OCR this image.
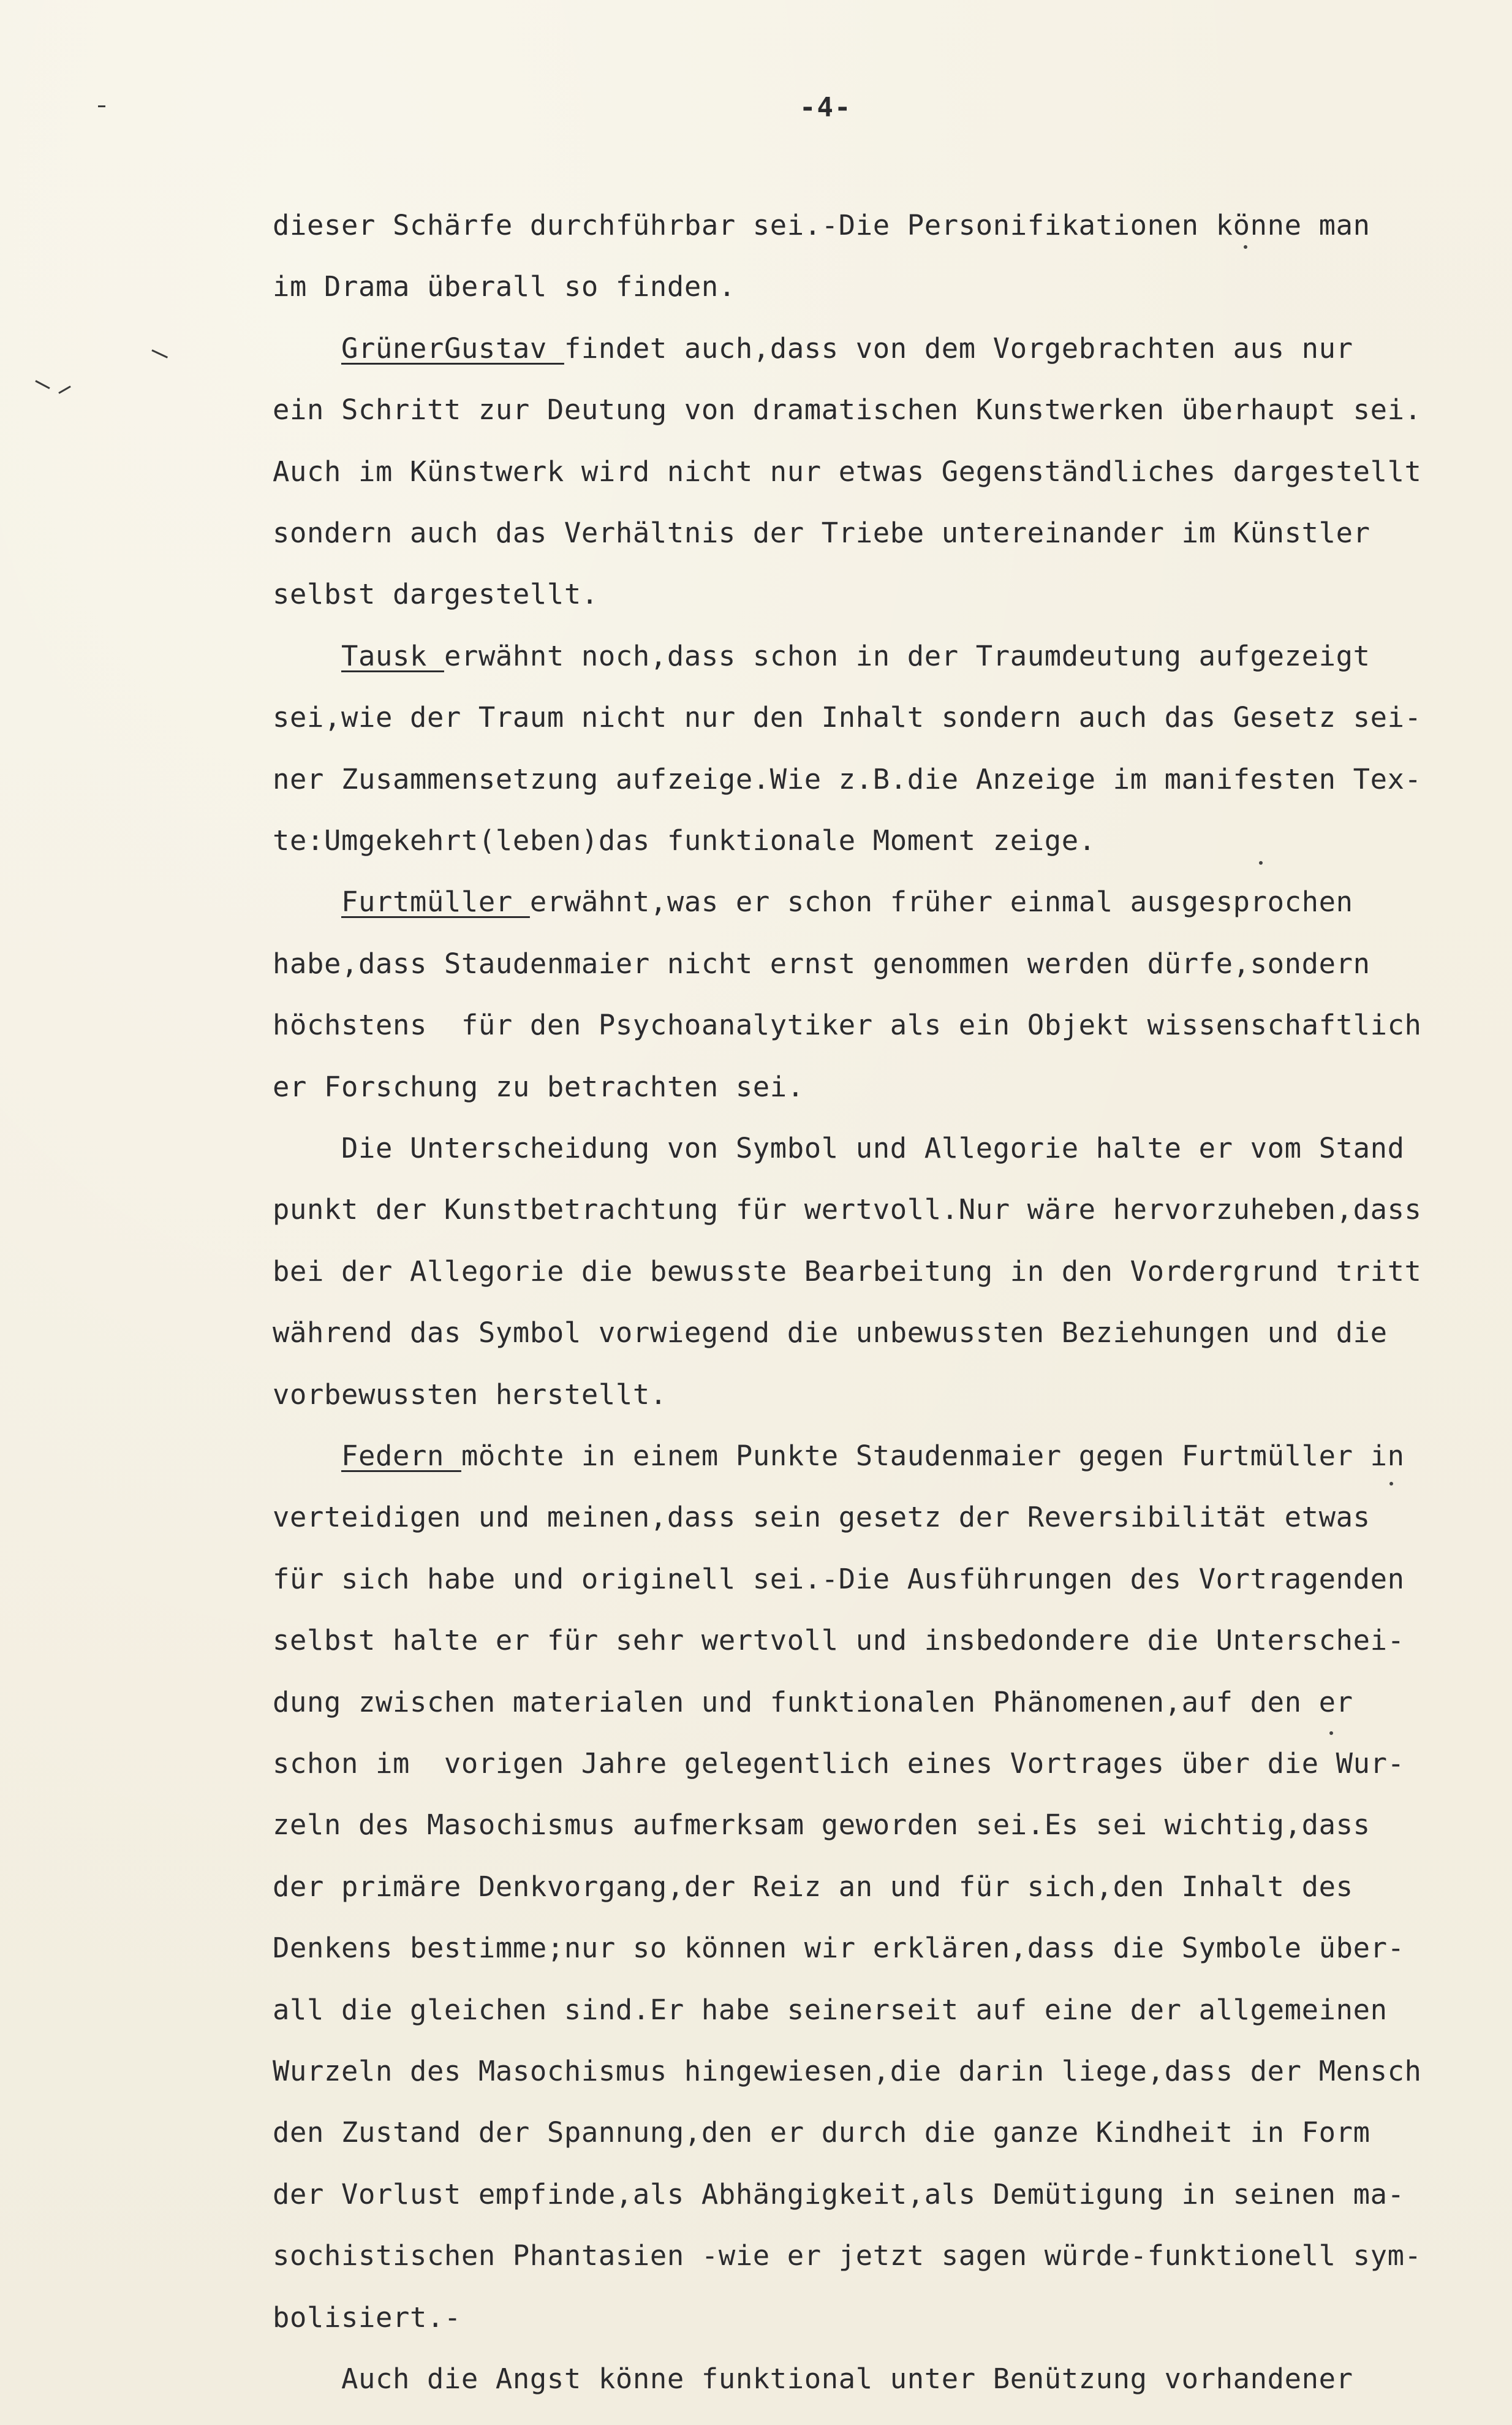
-4-
dieser Schärfe durchführbar sei.-Die Personifikationen könne man
im Drama überall so finden.
GrünerGustav findet auch,dass von dem Vorgebrachten aus nur
ein Schritt zur Deutung von dramatischen Kunstwerken überhaupt sei.
Auch im Künstwerk wird nicht nur etwas Gegenständliches dargestellt
sondern auch das Verhältnis der Triebe untereinander im Künstler
selbst dargestellt.
Tausk erwähnt noch,dass schon in der Traumdeutung aufgezeigt
sei,wie der Traum nicht nur den Inhalt sondern auch das Gesetz sei-
ner Zusammensetzung aufzeige.Wie z.B.die Anzeige im manifesten Tex-
te:Umgekehrt(leben)das funktionale Moment zeige.
Furtmüller erwähnt,was er schon früher einmal ausgesprochen
habe,dass Staudenmaier nicht ernst genommen werden dürfe,sondern
höchstens  für den Psychoanalytiker als ein Objekt wissenschaftlich
er Forschung zu betrachten sei.
Die Unterscheidung von Symbol und Allegorie halte er vom Stand
punkt der Kunstbetrachtung für wertvoll.Nur wäre hervorzuheben,dass
bei der Allegorie die bewusste Bearbeitung in den Vordergrund tritt
während das Symbol vorwiegend die unbewussten Beziehungen und die
vorbewussten herstellt.
Federn möchte in einem Punkte Staudenmaier gegen Furtmüller in
verteidigen und meinen,dass sein gesetz der Reversibilität etwas
für sich habe und originell sei.-Die Ausführungen des Vortragenden
selbst halte er für sehr wertvoll und insbedondere die Unterschei-
dung zwischen materialen und funktionalen Phänomenen,auf den er
schon im  vorigen Jahre gelegentlich eines Vortrages über die Wur-
zeln des Masochismus aufmerksam geworden sei.Es sei wichtig,dass
der primäre Denkvorgang,der Reiz an und für sich,den Inhalt des
Denkens bestimme;nur so können wir erklären,dass die Symbole über-
all die gleichen sind.Er habe seinerseit auf eine der allgemeinen
Wurzeln des Masochismus hingewiesen,die darin liege,dass der Mensch
den Zustand der Spannung,den er durch die ganze Kindheit in Form
der Vorlust empfinde,als Abhängigkeit,als Demütigung in seinen ma-
sochistischen Phantasien -wie er jetzt sagen würde-funktionell sym-
bolisiert.-
Auch die Angst könne funktional unter Benützung vorhandener
